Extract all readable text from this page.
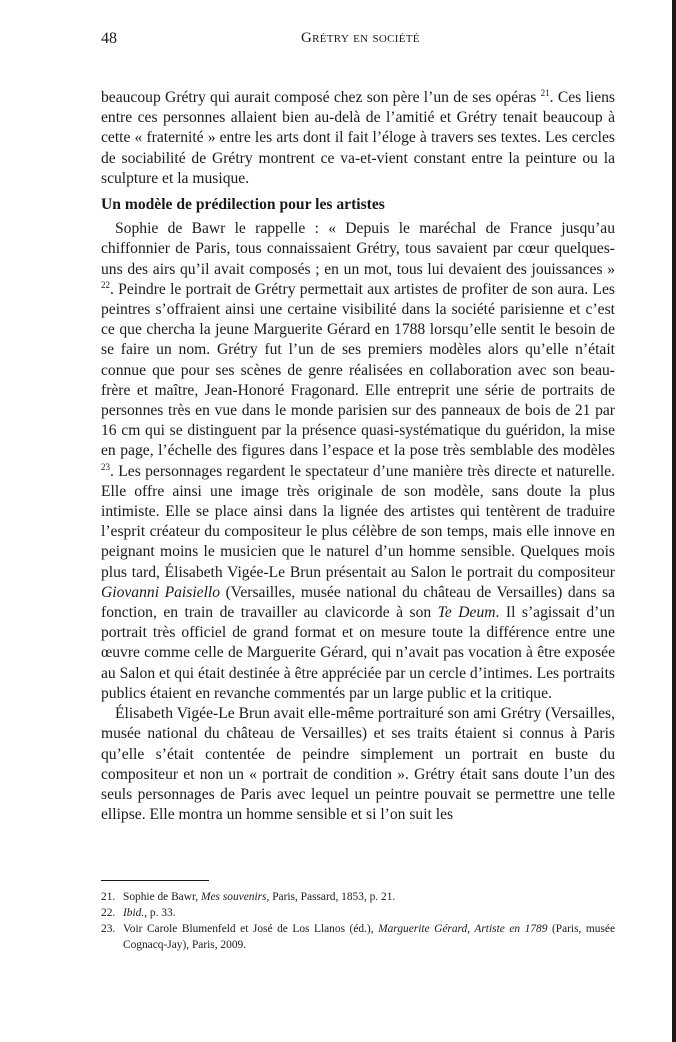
48	Grétry en société

beaucoup Grétry qui aurait composé chez son père l’un de ses opéras $^{21}$. Ces liens entre ces personnes allaient bien au-delà de l’amitié et Grétry tenait beaucoup à cette « fraternité » entre les arts dont il fait l’éloge à travers ses textes. Les cercles de sociabilité de Grétry montrent ce va-et-vient constant entre la peinture ou la sculpture et la musique.

Un modèle de prédilection pour les artistes

Sophie de Bawr le rappelle : « Depuis le maréchal de France jusqu’au chiffonnier de Paris, tous connaissaient Grétry, tous savaient par cœur quelques-uns des airs qu’il avait composés ; en un mot, tous lui devaient des jouissances » $^{22}$. Peindre le portrait de Grétry permettait aux artistes de profiter de son aura. Les peintres s’offraient ainsi une certaine visibilité dans la société parisienne et c’est ce que chercha la jeune Marguerite Gérard en 1788 lorsqu’elle sentit le besoin de se faire un nom. Grétry fut l’un de ses premiers modèles alors qu’elle n’était connue que pour ses scènes de genre réalisées en collaboration avec son beau-frère et maître, Jean-Honoré Fragonard. Elle entreprit une série de portraits de personnes très en vue dans le monde parisien sur des panneaux de bois de 21 par 16 cm qui se distinguent par la présence quasi-systématique du guéridon, la mise en page, l’échelle des figures dans l’espace et la pose très semblable des modèles $^{23}$. Les personnages regardent le spectateur d’une manière très directe et naturelle. Elle offre ainsi une image très originale de son modèle, sans doute la plus intimiste. Elle se place ainsi dans la lignée des artistes qui tentèrent de traduire l’esprit créateur du compositeur le plus célèbre de son temps, mais elle innove en peignant moins le musicien que le naturel d’un homme sensible. Quelques mois plus tard, Élisabeth Vigée-Le Brun présentait au Salon le portrait du compositeur Giovanni Paisiello (Versailles, musée national du château de Versailles) dans sa fonction, en train de travailler au clavicorde à son Te Deum. Il s’agissait d’un portrait très officiel de grand format et on mesure toute la différence entre une œuvre comme celle de Marguerite Gérard, qui n’avait pas vocation à être exposée au Salon et qui était destinée à être appréciée par un cercle d’intimes. Les portraits publics étaient en revanche commentés par un large public et la critique.

Élisabeth Vigée-Le Brun avait elle-même portraituré son ami Grétry (Versailles, musée national du château de Versailles) et ses traits étaient si connus à Paris qu’elle s’était contentée de peindre simplement un portrait en buste du compositeur et non un « portrait de condition ». Grétry était sans doute l’un des seuls personnages de Paris avec lequel un peintre pouvait se permettre une telle ellipse. Elle montra un homme sensible et si l’on suit les

21. Sophie de Bawr, Mes souvenirs, Paris, Passard, 1853, p. 21.
22. Ibid., p. 33.
23. Voir Carole Blumenfeld et José de Los Llanos (éd.), Marguerite Gérard, Artiste en 1789 (Paris, musée Cognacq-Jay), Paris, 2009.
